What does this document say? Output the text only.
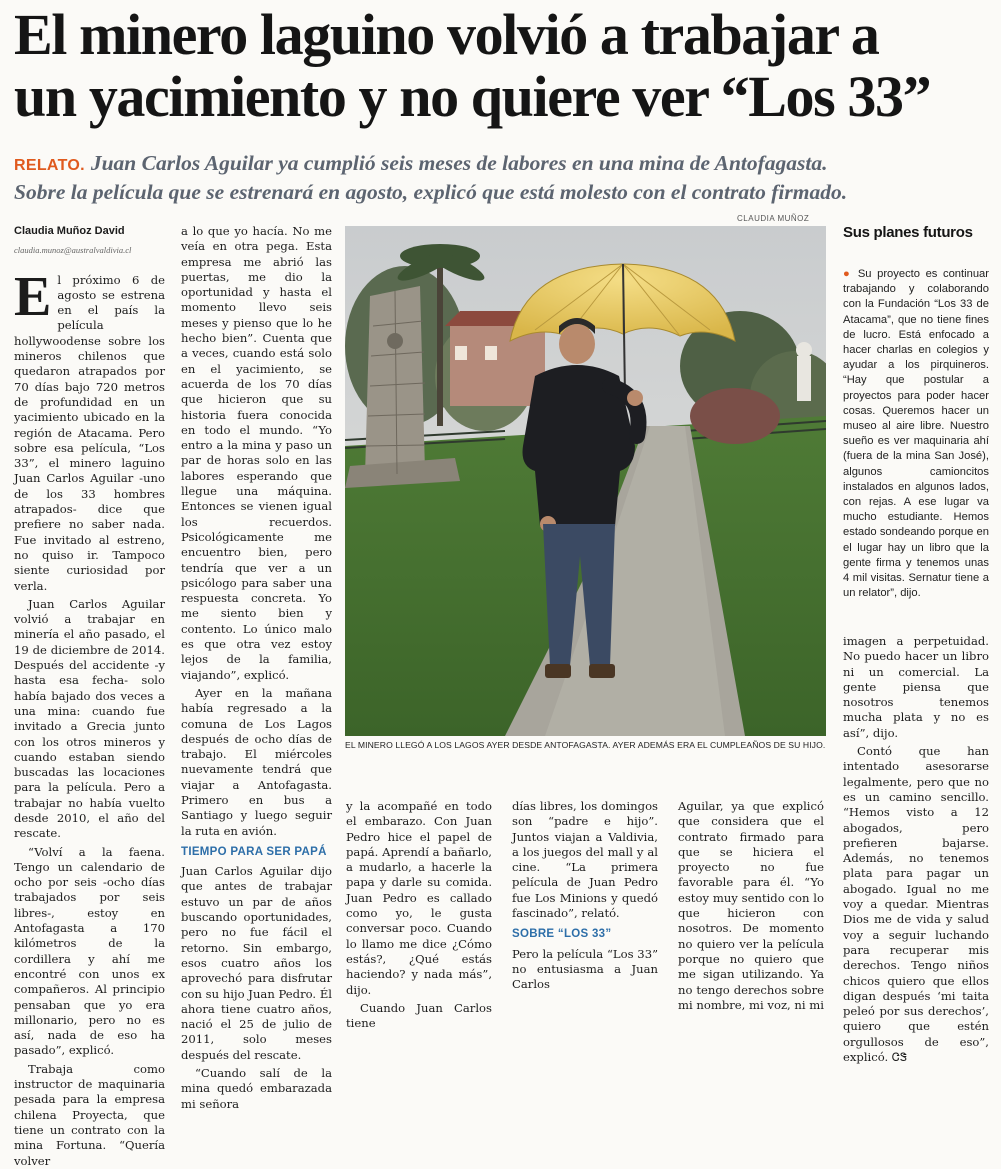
El minero laguino volvió a trabajar a
un yacimiento y no quiere ver “Los 33”
RELATO. Juan Carlos Aguilar ya cumplió seis meses de labores en una mina de Antofagasta.
Sobre la película que se estrenará en agosto, explicó que está molesto con el contrato firmado.
Claudia Muñoz David
claudia.munoz@australvaldivia.cl

El próximo 6 de agosto se estrena en el país la película hollywoodense sobre los mineros chilenos que quedaron atrapados por 70 días bajo 720 metros de profundidad en un yacimiento ubicado en la región de Atacama. Pero sobre esa película, “Los 33”, el minero laguino Juan Carlos Aguilar -uno de los 33 hombres atrapados- dice que prefiere no saber nada. Fue invitado al estreno, no quiso ir. Tampoco siente curiosidad por verla.

Juan Carlos Aguilar volvió a trabajar en minería el año pasado, el 19 de diciembre de 2014. Después del accidente -y hasta esa fecha- solo había bajado dos veces a una mina: cuando fue invitado a Grecia junto con los otros mineros y cuando estaban siendo buscadas las locaciones para la película. Pero a trabajar no había vuelto desde 2010, el año del rescate.

“Volví a la faena. Tengo un calendario de ocho por seis -ocho días trabajados por seis libres-, estoy en Antofagasta a 170 kilómetros de la cordillera y ahí me encontré con unos ex compañeros. Al principio pensaban que yo era millonario, pero no es así, nada de eso ha pasado”, explicó.

Trabaja como instructor de maquinaria pesada para la empresa chilena Proyecta, que tiene un contrato con la mina Fortuna. “Quería volver

a lo que yo hacía. No me veía en otra pega. Esta empresa me abrió las puertas, me dio la oportunidad y hasta el momento llevo seis meses y pienso que lo he hecho bien”. Cuenta que a veces, cuando está solo en el yacimiento, se acuerda de los 70 días que hicieron que su historia fuera conocida en todo el mundo. “Yo entro a la mina y paso un par de horas solo en las labores esperando que llegue una máquina. Entonces se vienen igual los recuerdos. Psicológicamente me encuentro bien, pero tendría que ver a un psicólogo para saber una respuesta concreta. Yo me siento bien y contento. Lo único malo es que otra vez estoy lejos de la familia, viajando”, explicó.

Ayer en la mañana había regresado a la comuna de Los Lagos después de ocho días de trabajo. El miércoles nuevamente tendrá que viajar a Antofagasta. Primero en bus a Santiago y luego seguir la ruta en avión.

TIEMPO PARA SER PAPÁ

Juan Carlos Aguilar dijo que antes de trabajar estuvo un par de años buscando oportunidades, pero no fue fácil el retorno. Sin embargo, esos cuatro años los aprovechó para disfrutar con su hijo Juan Pedro. Él ahora tiene cuatro años, nació el 25 de julio de 2011, solo meses después del rescate.

“Cuando salí de la mina quedó embarazada mi señora

CLAUDIA MUÑOZ
EL MINERO LLEGÓ A LOS LAGOS AYER DESDE ANTOFAGASTA. AYER ADEMÁS ERA EL CUMPLEAÑOS DE SU HIJO.
Sus planes futuros
● Su proyecto es continuar trabajando y colaborando con la Fundación “Los 33 de Atacama”, que no tiene fines de lucro. Está enfocado a hacer charlas en colegios y ayudar a los pirquineros. “Hay que postular a proyectos para poder hacer cosas. Queremos hacer un museo al aire libre. Nuestro sueño es ver maquinaria ahí (fuera de la mina San José), algunos camioncitos instalados en algunos lados, con rejas. A ese lugar va mucho estudiante. Hemos estado sondeando porque en el lugar hay un libro que la gente firma y tenemos unas 4 mil visitas. Sernatur tiene a un relator”, dijo.

y la acompañé en todo el embarazo. Con Juan Pedro hice el papel de papá. Aprendí a bañarlo, a mudarlo, a hacerle la papa y darle su comida. Juan Pedro es callado como yo, le gusta conversar poco. Cuando lo llamo me dice ¿Cómo estás?, ¿Qué estás haciendo? y nada más”, dijo.

Cuando Juan Carlos tiene

días libres, los domingos son “padre e hijo”. Juntos viajan a Valdivia, a los juegos del mall y al cine. “La primera película de Juan Pedro fue Los Minions y quedó fascinado”, relató.

SOBRE “LOS 33”

Pero la película “Los 33” no entusiasma a Juan Carlos

Aguilar, ya que explicó que considera que el contrato firmado para que se hiciera el proyecto no fue favorable para él. “Yo estoy muy sentido con lo que hicieron con nosotros. De momento no quiero ver la película porque no quiero que me sigan utilizando. Ya no tengo derechos sobre mi nombre, mi voz, ni mi

imagen a perpetuidad. No puedo hacer un libro ni un comercial. La gente piensa que nosotros tenemos mucha plata y no es así”, dijo.

Contó que han intentado asesorarse legalmente, pero que no es un camino sencillo. “Hemos visto a 12 abogados, pero prefieren bajarse. Además, no tenemos plata para pagar un abogado. Igual no me voy a quedar. Mientras Dios me de vida y salud voy a seguir luchando para recuperar mis derechos. Tengo niños chicos quiero que ellos digan después ‘mi taita peleó por sus derechos’, quiero que estén orgullosos de eso”, explicó. ᏣᏕ
